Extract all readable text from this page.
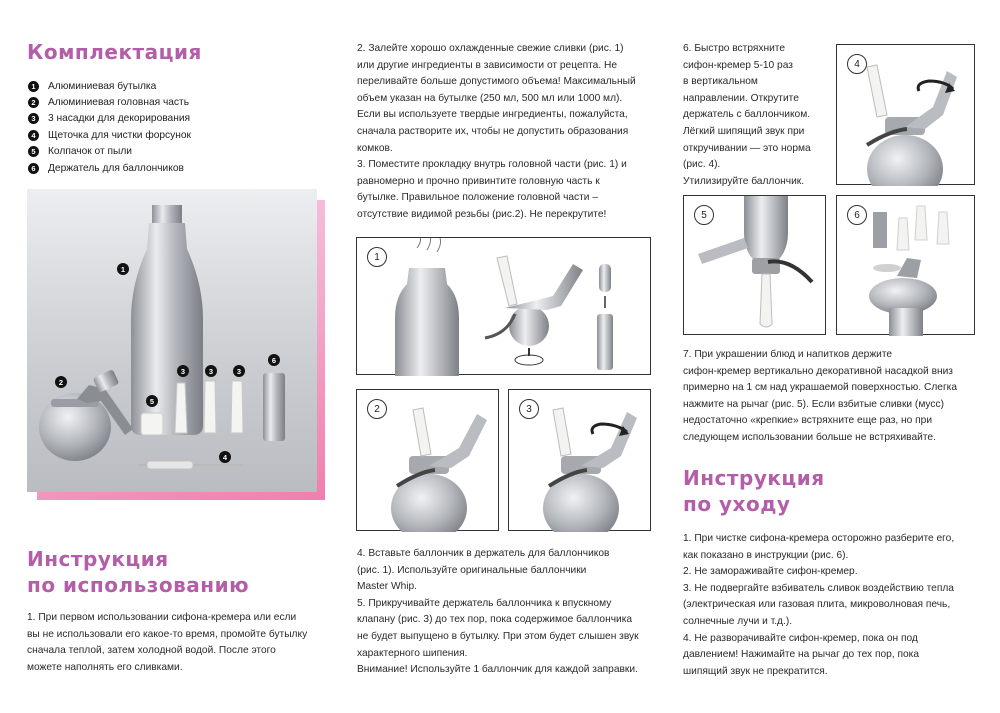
Комплектация
1	Алюминиевая бутылка
2	Алюминиевая головная часть
3	3 насадки для декорирования
4	Щеточка для чистки форсунок
5	Колпачок от пыли
6	Держатель для баллончиков
1
2
3	3	3
4
5
6
Инструкция
по использованию
1. При первом использовании сифона-кремера или если
вы не использовали его какое-то время, промойте бутылку
сначала теплой, затем холодной водой. После этого
можете наполнять его сливками.
2. Залейте хорошо охлажденные свежие сливки (рис. 1)
или другие ингредиенты в зависимости от рецепта. Не
переливайте больше допустимого объема! Максимальный
объем указан на бутылке (250 мл, 500 мл или 1000 мл).
Если вы используете твердые ингредиенты, пожалуйста,
сначала растворите их, чтобы не допустить образования
комков.
3. Поместите прокладку внутрь головной части (рис. 1) и
равномерно и прочно привинтите головную часть к
бутылке. Правильное положение головной части –
отсутствие видимой резьбы (рис.2). Не перекрутите!
1
2	3
4. Вставьте баллончик в держатель для баллончиков
(рис. 1). Используйте оригинальные баллончики
Master Whip.
5. Прикручивайте держатель баллончика к впускному
клапану (рис. 3) до тех пор, пока содержимое баллончика
не будет выпущено в бутылку. При этом будет слышен звук
характерного шипения.
Внимание! Используйте 1 баллончик для каждой заправки.
6. Быстро встряхните
сифон-кремер 5-10 раз
в вертикальном
направлении. Открутите
держатель с баллончиком.
Лёгкий шипящий звук при
откручивании — это норма
(рис. 4).
Утилизируйте баллончик.
4
5	6
7. При украшении блюд и напитков держите
сифон-кремер вертикально декоративной насадкой вниз
примерно на 1 см над украшаемой поверхностью. Слегка
нажмите на рычаг (рис. 5). Если взбитые сливки (мусс)
недостаточно «крепкие» встряхните еще раз, но при
следующем использовании больше не встряхивайте.
Инструкция
по уходу
1. При чистке сифона-кремера осторожно разберите его,
как показано в инструкции (рис. 6).
2. Не замораживайте сифон-кремер.
3. Не подвергайте взбиватель сливок воздействию тепла
(электрическая или газовая плита, микроволновая печь,
солнечные лучи и т.д.).
4. Не разворачивайте сифон-кремер, пока он под
давлением! Нажимайте на рычаг до тех пор, пока
шипящий звук не прекратится.
